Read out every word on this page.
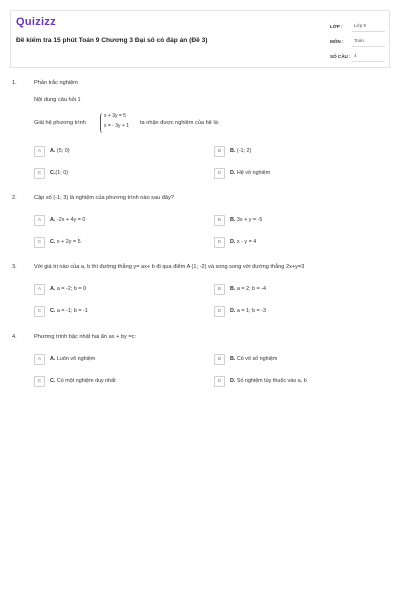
Quizizz
Đề kiểm tra 15 phút Toán 9 Chương 3 Đại số có đáp án (Đề 3)
LỚP :	Lớp 9
MÔN :	Toán
SỐ CÂU : 4
1.	Phần trắc nghiệm
Nội dung câu hỏi 1
Giải hệ phương trình
x + 3y = 5
x = - 3y + 1 ta nhận được nghiệm của hệ là:
A	A. (5; 0)	B	B. (-1; 2)
C	C.(1; 0)	D	D. Hệ vô nghiệm
2.	Cặp số (-1; 3) là nghiệm của phương trình nào sau đây?
A	A. -2x + 4y = 0	B	B. 3x + y = -5
C	C. x + 2y = 5	D	D. x - y = 4
3.	Với giá trị nào của a, b thì đường thẳng y= ax+ b đi qua điểm A (1; -2) và song song với đường thẳng 2x+y=3
A	A. a = -2; b = 0	B	B. a = 2; b = -4
C	C. a = -1; b = -1	D	D. a = 1; b = -3
4.	Phương trình bậc nhất hai ẩn ax + by =c:
A	A. Luôn vô nghiệm	B	B. Có vô số nghiệm
C	C. Có một nghiệm duy nhất	D	D. Số nghiệm tùy thuộc vào a, b
